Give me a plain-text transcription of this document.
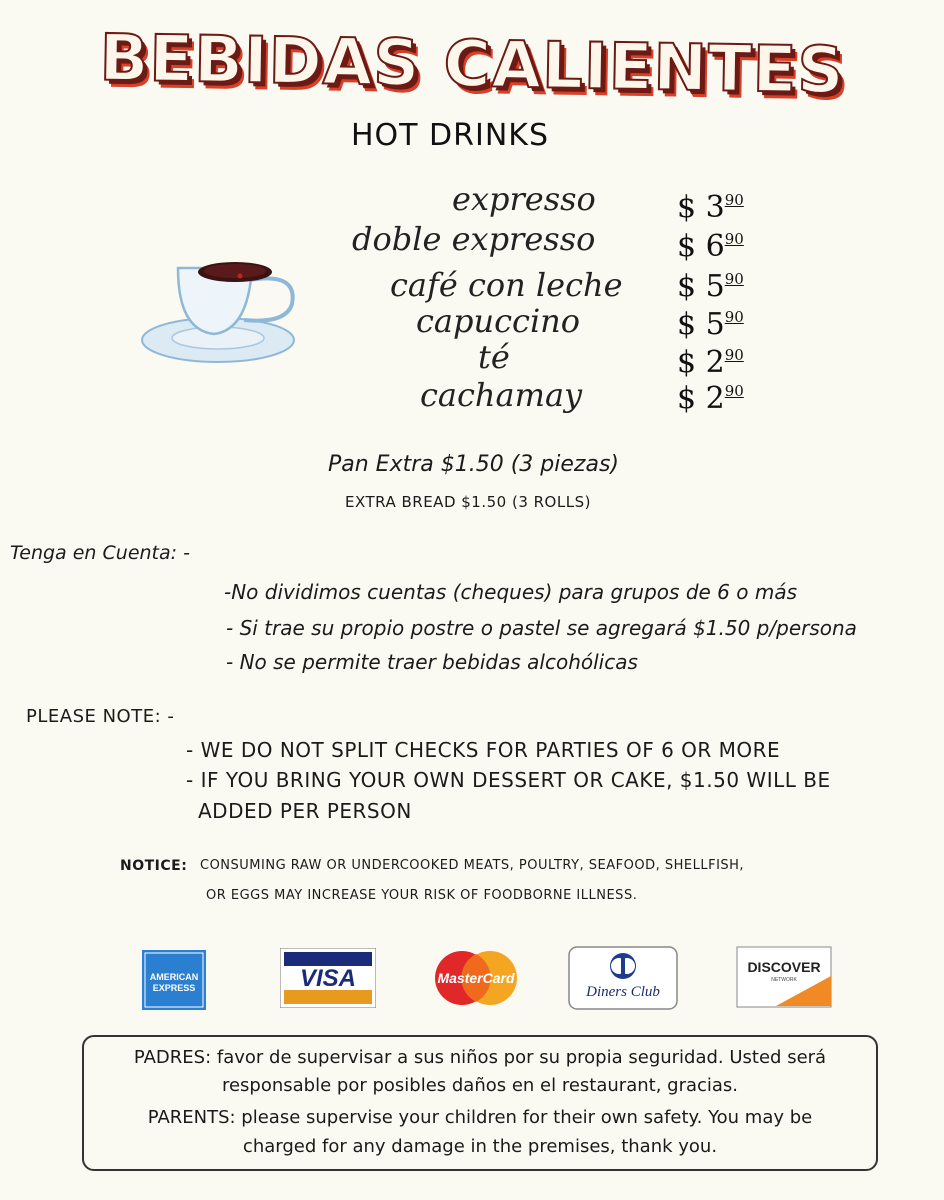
BEBIDAS CALIENTES
HOT DRINKS
expresso	$ $3^{90}$
doble expresso	$ $6^{90}$
café con leche $ $5^{90}$
capuccino	$ $5^{90}$
té	$ $2^{90}$
cachamay	$ $2^{90}$
Pan Extra $1.50 (3 piezas)
EXTRA BREAD $1.50 (3 ROLLS)
Tenga en Cuenta: -
-No dividimos cuentas (cheques) para grupos de 6 o más
- Si trae su propio postre o pastel se agregará $1.50 p/persona
- No se permite traer bebidas alcohólicas
PLEASE NOTE: -
- WE DO NOT SPLIT CHECKS FOR PARTIES OF 6 OR MORE
- IF YOU BRING YOUR OWN DESSERT OR CAKE, $1.50 WILL BE
ADDED PER PERSON
NOTICE: CONSUMING RAW OR UNDERCOOKED MEATS, POULTRY, SEAFOOD, SHELLFISH,
OR EGGS MAY INCREASE YOUR RISK OF FOODBORNE ILLNESS.
AMERICAN
EXPRESS	VISA	MasterCard
Diners Club
DISCOVER
NETWORK
PADRES: favor de supervisar a sus niños por su propia seguridad. Usted será
responsable por posibles daños en el restaurant, gracias.
PARENTS: please supervise your children for their own safety. You may be
charged for any damage in the premises, thank you.
